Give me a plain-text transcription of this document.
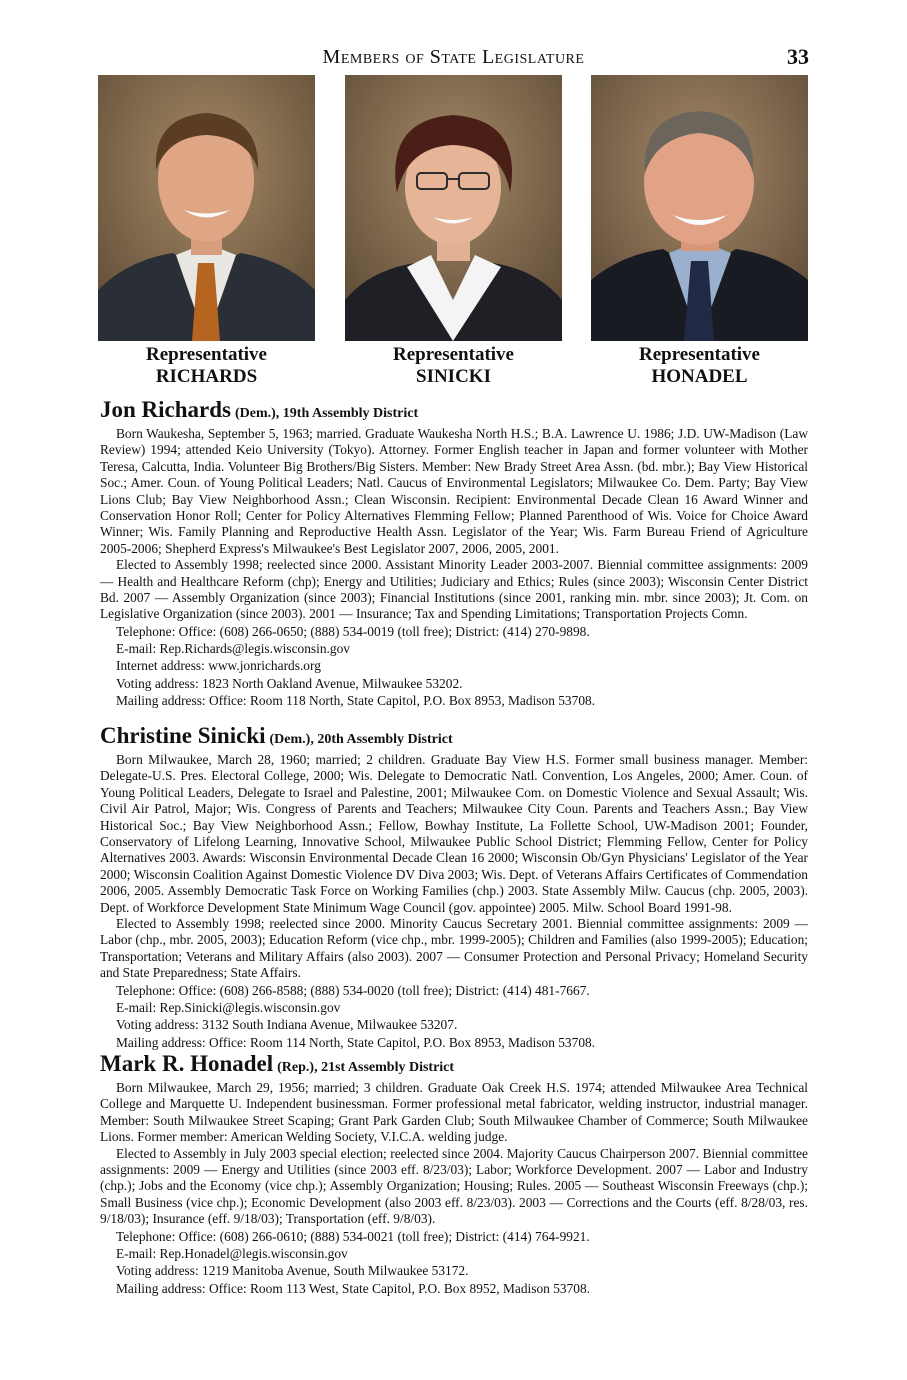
Members of State Legislature	33
Representative
RICHARDS
Representative
SINICKI
Representative
HONADEL

Jon Richards (Dem.), 19th Assembly District

Born Waukesha, September 5, 1963; married. Graduate Waukesha North H.S.; B.A. Lawrence U. 1986; J.D. UW-Madison (Law Review) 1994; attended Keio University (Tokyo). Attorney. Former English teacher in Japan and former volunteer with Mother Teresa, Calcutta, India. Volunteer Big Brothers/Big Sisters. Member: New Brady Street Area Assn. (bd. mbr.); Bay View Historical Soc.; Amer. Coun. of Young Political Leaders; Natl. Caucus of Environmental Legislators; Milwaukee Co. Dem. Party; Bay View Lions Club; Bay View Neighborhood Assn.; Clean Wisconsin. Recipient: Environmental Decade Clean 16 Award Winner and Conservation Honor Roll; Center for Policy Alternatives Flemming Fellow; Planned Parenthood of Wis. Voice for Choice Award Winner; Wis. Family Planning and Reproductive Health Assn. Legislator of the Year; Wis. Farm Bureau Friend of Agriculture 2005-2006; Shepherd Express's Milwaukee's Best Legislator 2007, 2006, 2005, 2001.

Elected to Assembly 1998; reelected since 2000. Assistant Minority Leader 2003-2007. Biennial committee assignments: 2009 — Health and Healthcare Reform (chp); Energy and Utilities; Judiciary and Ethics; Rules (since 2003); Wisconsin Center District Bd. 2007 — Assembly Organization (since 2003); Financial Institutions (since 2001, ranking min. mbr. since 2003); Jt. Com. on Legislative Organization (since 2003). 2001 — Insurance; Tax and Spending Limitations; Transportation Projects Comn.

Telephone: Office: (608) 266-0650; (888) 534-0019 (toll free); District: (414) 270-9898.

E-mail: Rep.Richards@legis.wisconsin.gov

Internet address: www.jonrichards.org

Voting address: 1823 North Oakland Avenue, Milwaukee 53202.

Mailing address: Office: Room 118 North, State Capitol, P.O. Box 8953, Madison 53708.

Christine Sinicki (Dem.), 20th Assembly District

Born Milwaukee, March 28, 1960; married; 2 children. Graduate Bay View H.S. Former small business manager. Member: Delegate-U.S. Pres. Electoral College, 2000; Wis. Delegate to Democratic Natl. Convention, Los Angeles, 2000; Amer. Coun. of Young Political Leaders, Delegate to Israel and Palestine, 2001; Milwaukee Com. on Domestic Violence and Sexual Assault; Wis. Civil Air Patrol, Major; Wis. Congress of Parents and Teachers; Milwaukee City Coun. Parents and Teachers Assn.; Bay View Historical Soc.; Bay View Neighborhood Assn.; Fellow, Bowhay Institute, La Follette School, UW-Madison 2001; Founder, Conservatory of Lifelong Learning, Innovative School, Milwaukee Public School District; Flemming Fellow, Center for Policy Alternatives 2003. Awards: Wisconsin Environmental Decade Clean 16 2000; Wisconsin Ob/Gyn Physicians' Legislator of the Year 2000; Wisconsin Coalition Against Domestic Violence DV Diva 2003; Wis. Dept. of Veterans Affairs Certificates of Commendation 2006, 2005. Assembly Democratic Task Force on Working Families (chp.) 2003. State Assembly Milw. Caucus (chp. 2005, 2003). Dept. of Workforce Development State Minimum Wage Council (gov. appointee) 2005. Milw. School Board 1991-98.

Elected to Assembly 1998; reelected since 2000. Minority Caucus Secretary 2001. Biennial committee assignments: 2009 — Labor (chp., mbr. 2005, 2003); Education Reform (vice chp., mbr. 1999-2005); Children and Families (also 1999-2005); Education; Transportation; Veterans and Military Affairs (also 2003). 2007 — Consumer Protection and Personal Privacy; Homeland Security and State Preparedness; State Affairs.

Telephone: Office: (608) 266-8588; (888) 534-0020 (toll free); District: (414) 481-7667.

E-mail: Rep.Sinicki@legis.wisconsin.gov

Voting address: 3132 South Indiana Avenue, Milwaukee 53207.

Mailing address: Office: Room 114 North, State Capitol, P.O. Box 8953, Madison 53708.

Mark R. Honadel (Rep.), 21st Assembly District

Born Milwaukee, March 29, 1956; married; 3 children. Graduate Oak Creek H.S. 1974; attended Milwaukee Area Technical College and Marquette U. Independent businessman. Former professional metal fabricator, welding instructor, industrial manager. Member: South Milwaukee Street Scaping; Grant Park Garden Club; South Milwaukee Chamber of Commerce; South Milwaukee Lions. Former member: American Welding Society, V.I.C.A. welding judge.

Elected to Assembly in July 2003 special election; reelected since 2004. Majority Caucus Chairperson 2007. Biennial committee assignments: 2009 — Energy and Utilities (since 2003 eff. 8/23/03); Labor; Workforce Development. 2007 — Labor and Industry (chp.); Jobs and the Economy (vice chp.); Assembly Organization; Housing; Rules. 2005 — Southeast Wisconsin Freeways (chp.); Small Business (vice chp.); Economic Development (also 2003 eff. 8/23/03). 2003 — Corrections and the Courts (eff. 8/28/03, res. 9/18/03); Insurance (eff. 9/18/03); Transportation (eff. 9/8/03).

Telephone: Office: (608) 266-0610; (888) 534-0021 (toll free); District: (414) 764-9921.

E-mail: Rep.Honadel@legis.wisconsin.gov

Voting address: 1219 Manitoba Avenue, South Milwaukee 53172.

Mailing address: Office: Room 113 West, State Capitol, P.O. Box 8952, Madison 53708.
